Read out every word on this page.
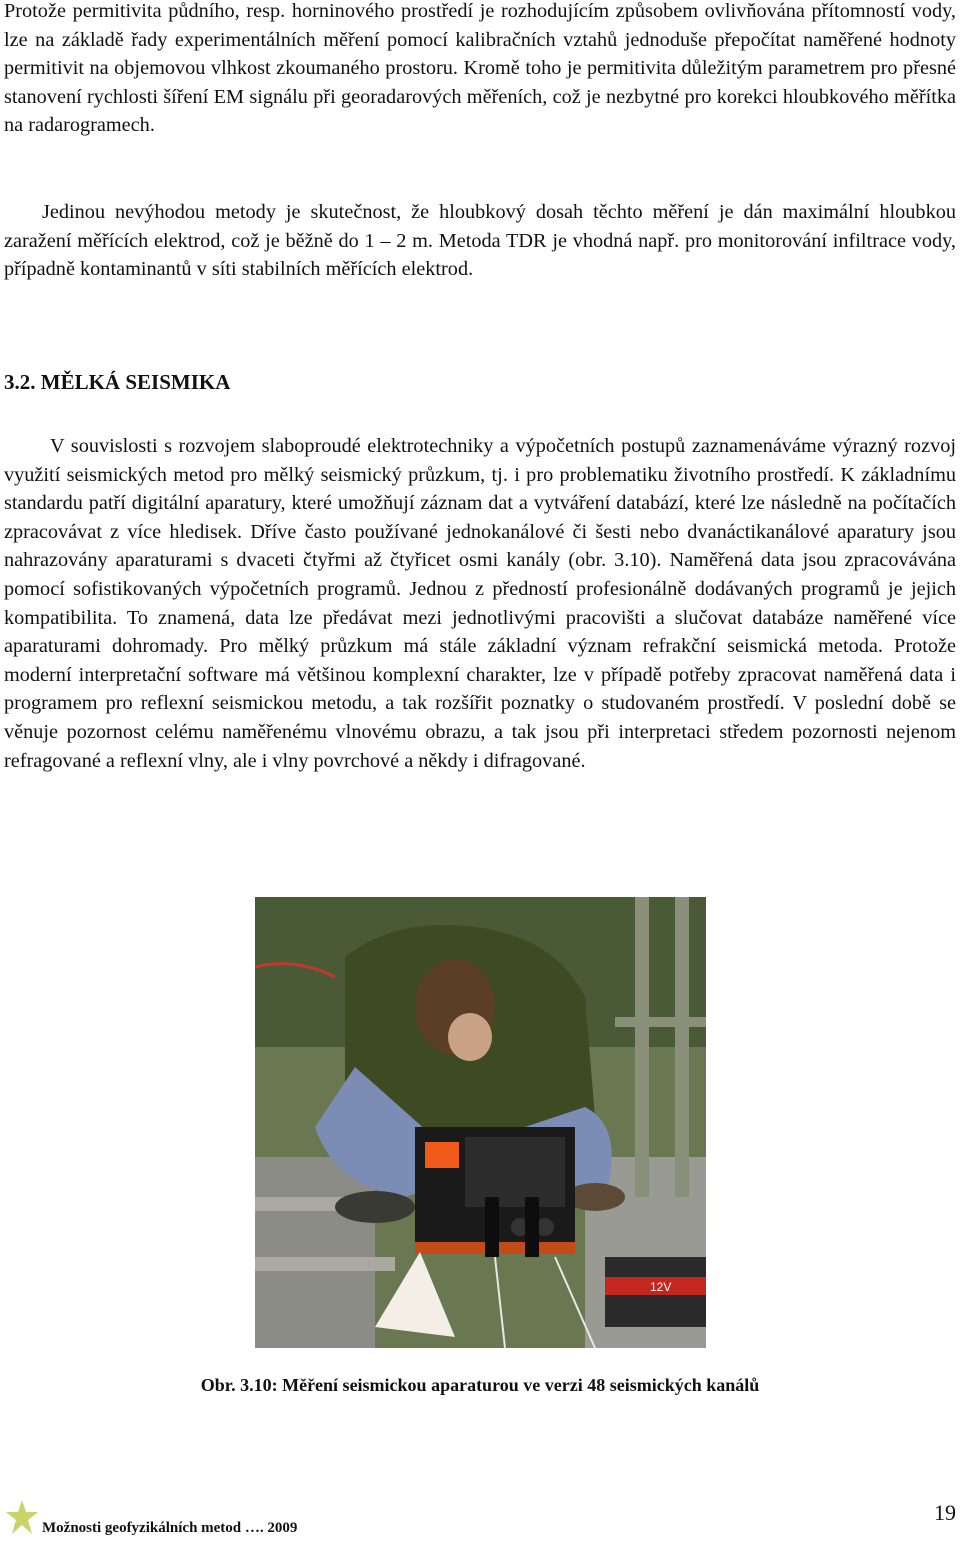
Protože permitivita půdního, resp. horninového prostředí je rozhodujícím způsobem ovlivňována přítomností vody, lze na základě řady experimentálních měření pomocí kalibračních vztahů jednoduše přepočítat naměřené hodnoty permitivit na objemovou vlhkost zkoumaného prostoru. Kromě toho je permitivita důležitým parametrem pro přesné stanovení rychlosti šíření EM signálu při georadarových měřeních, což je nezbytné pro korekci hloubkového měřítka na radarogramech.

Jedinou nevýhodou metody je skutečnost, že hloubkový dosah těchto měření je dán maximální hloubkou zaražení měřících elektrod, což je běžně do 1 – 2 m. Metoda TDR je vhodná např. pro monitorování infiltrace vody, případně kontaminantů v síti stabilních měřících elektrod.

3.2. MĚLKÁ SEISMIKA

V souvislosti s rozvojem slaboproudé elektrotechniky a výpočetních postupů zaznamenáváme výrazný rozvoj využití seismických metod pro mělký seismický průzkum, tj. i pro problematiku životního prostředí. K základnímu standardu patří digitální aparatury, které umožňují záznam dat a vytváření databází, které lze následně na počítačích zpracovávat z více hledisek. Dříve často používané jednokanálové či šesti nebo dvanáctikanálové aparatury jsou nahrazovány aparaturami s dvaceti čtyřmi až čtyřicet osmi kanály (obr. 3.10). Naměřená data jsou zpracovávána pomocí sofistikovaných výpočetních programů. Jednou z předností profesionálně dodávaných programů je jejich kompatibilita. To znamená, data lze předávat mezi jednotlivými pracovišti a slučovat databáze naměřené více aparaturami dohromady. Pro mělký průzkum má stále základní význam refrakční seismická metoda. Protože moderní interpretační software má většinou komplexní charakter, lze v případě potřeby zpracovat naměřená data i programem pro reflexní seismickou metodu, a tak rozšířit poznatky o studovaném prostředí. V poslední době se věnuje pozornost celému naměřenému vlnovému obrazu, a tak jsou při interpretaci středem pozornosti nejenom refragované a reflexní vlny, ale i vlny povrchové a někdy i difragované.

12V
Obr. 3.10: Měření seismickou aparaturou ve verzi 48 seismických kanálů
Možnosti geofyzikálních metod …. 2009
19
